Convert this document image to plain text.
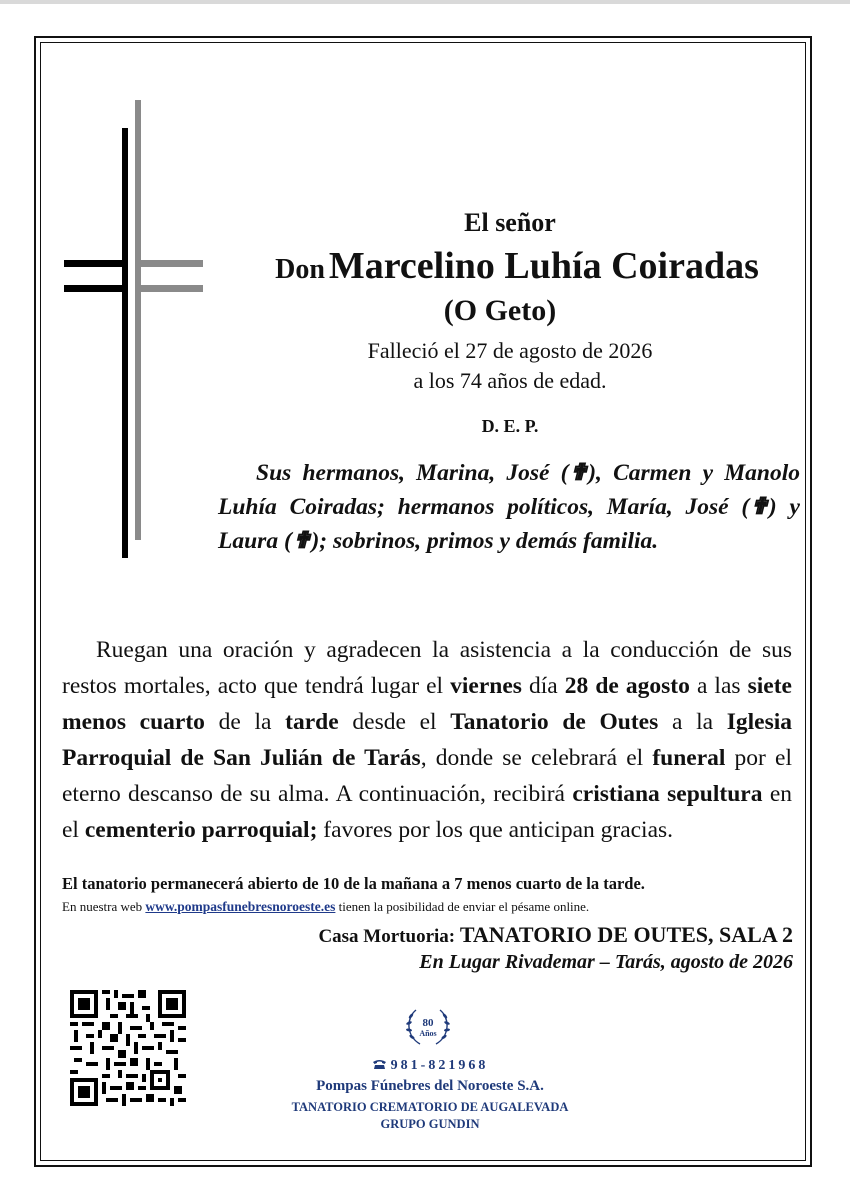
El señor
Don Marcelino Luhía Coiradas
(O Geto)
Falleció el 27 de agosto de 2026
a los 74 años de edad.
D. E. P.
Sus hermanos, Marina, José (✟), Carmen y Manolo Luhía Coiradas; hermanos políticos, María, José (✟) y Laura (✟); sobrinos, primos y demás familia.
Ruegan una oración y agradecen la asistencia a la conducción de sus restos mortales, acto que tendrá lugar el viernes día 28 de agosto a las siete menos cuarto de la tarde desde el Tanatorio de Outes a la Iglesia Parroquial de San Julián de Tarás, donde se celebrará el funeral por el eterno descanso de su alma. A continuación, recibirá cristiana sepultura en el cementerio parroquial; favores por los que anticipan gracias.
El tanatorio permanecerá abierto de 10 de la mañana a 7 menos cuarto de la tarde.
En nuestra web www.pompasfunebresnoroeste.es tienen la posibilidad de enviar el pésame online.
Casa Mortuoria: TANATORIO DE OUTES, SALA 2
En Lugar Rivademar – Tarás, agosto de 2026
80
Años
981-821968
Pompas Fúnebres del Noroeste S.A.
TANATORIO CREMATORIO DE AUGALEVADA
GRUPO GUNDIN
